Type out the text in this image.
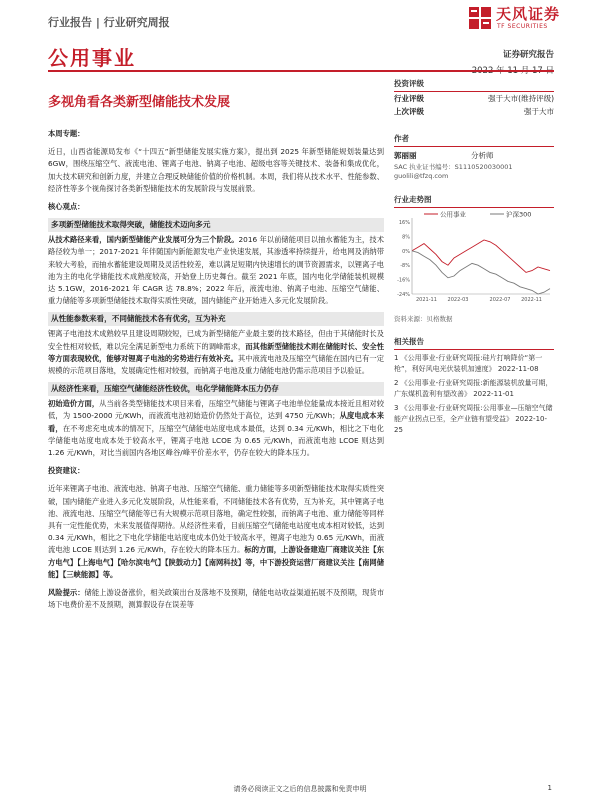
行业报告 | 行业研究周报	天风证券
TF SECURITIES
公用事业	证券研究报告
多视角看各类新型储能技术发展

本周专题：

近日，山西省能源局发布《“十四五”新型储能发展实施方案》，提出到 2025 年新型储能规划装量达到 6GW，围绕压缩空气、液流电池、锂离子电池、钠离子电池、超级电容等关键技术、装备和集成优化，加大技术研究和创新力度，并建立合理反映储能价值的价格机制。本周，我们将从技术水平、性能参数、经济性等多个视角探讨各类新型储能技术的发展阶段与发展前景。

核心观点：

多项新型储能技术取得突破，储能技术迈向多元

从技术路径来看，国内新型储能产业发展可分为三个阶段。2016 年以前储能项目以抽水蓄能为主，技术路径较为单一；2017-2021 年伴随国内新能源发电产业快速发展，其渗透率持续提升，给电网及消纳带来较大考验，而抽水蓄能建设周期及灵活性较差，难以满足短期内快速增长的调节资源需求，以锂离子电池为主的电化学储能技术成熟度较高，开始登上历史舞台。截至 2021 年底，国内电化学储能装机规模达 5.1GW，2016-2021 年 CAGR 达 78.8%；2022 年后，液流电池、钠离子电池、压缩空气储能、重力储能等多项新型储能技术取得实质性突破，国内储能产业开始进入多元化发展阶段。

从性能参数来看，不同储能技术各有优劣，互为补充

锂离子电池技术成熟较早且建设周期较短，已成为新型储能产业最主要的技术路径，但由于其储能时长及安全性相对较低，难以完全满足新型电力系统下的调峰需求，而其他新型储能技术则在储能时长、安全性等方面表现较优，能够对锂离子电池的劣势进行有效补充。其中液流电池及压缩空气储能在国内已有一定规模的示范项目落地，发展确定性相对较强，而钠离子电池及重力储能电池仍需示范项目予以验证。

从经济性来看，压缩空气储能经济性较优，电化学储能降本压力仍存

初始造价方面，从当前各类型储能技术项目来看，压缩空气储能与锂离子电池单位能量成本接近且相对较低，为 1500-2000 元/KWh，而液流电池初始造价仍然处于高位，达到 4750 元/KWh；从度电成本来看，在不考虑充电成本的情况下，压缩空气储能电站度电成本最低，达到 0.34 元/KWh，相比之下电化学储能电站度电成本处于较高水平，锂离子电池 LCOE 为 0.65 元/KWh，而液流电池 LCOE 则达到 1.26 元/KWh，对比当前国内各地区峰谷/峰平价差水平，仍存在较大的降本压力。

投资建议：

近年来锂离子电池、液流电池、钠离子电池、压缩空气储能、重力储能等多项新型储能技术取得实质性突破，国内储能产业进入多元化发展阶段，从性能来看，不同储能技术各有优势，互为补充，其中锂离子电池、液流电池、压缩空气储能等已有大规模示范项目落地，确定性较强，而钠离子电池、重力储能等同样具有一定性能优势，未来发展值得期待。从经济性来看，目前压缩空气储能电站度电成本相对较低，达到 0.34 元/KWh，相比之下电化学储能电站度电成本仍处于较高水平，锂离子电池为 0.65 元/KWh，而液流电池 LCOE 则达到 1.26 元/KWh，存在较大的降本压力。标的方面，上游设备建造厂商建议关注【东方电气】【上海电气】【哈尔滨电气】【陕鼓动力】【南网科技】等，中下游投资运营厂商建议关注【南网储能】【三峡能源】等。

风险提示：储能上游设备涨价，相关政策出台及落地不及预期，储能电站收益渠道拓展不及预期，现货市场下电费价差不及预期，测算假设存在误差等

投资评级
行业评级	强于大市(维持评级)
上次评级	强于大市
作者
郭丽丽	分析师
SAC 执业证书编号：S1110520030001
guolili@tfzq.com
行业走势图
公用事业	沪深300
16%
8%
0%
-8%
-16%
-24%
2021-11 2022-03	2022-07 2022-11
资料来源：贝格数据
相关报告
1 《公用事业-行业研究周报:硅片打响降价“第一枪”，利好风电光伏装机加速度》 2022-11-08
2 《公用事业-行业研究周报:新能源装机放量可期，广东煤机盈利有望改善》 2022-11-01
3 《公用事业-行业研究周报:公用事业—压缩空气储能产业拐点已至，全产业链有望受益》 2022-10-25
请务必阅读正文之后的信息披露和免责申明	1
